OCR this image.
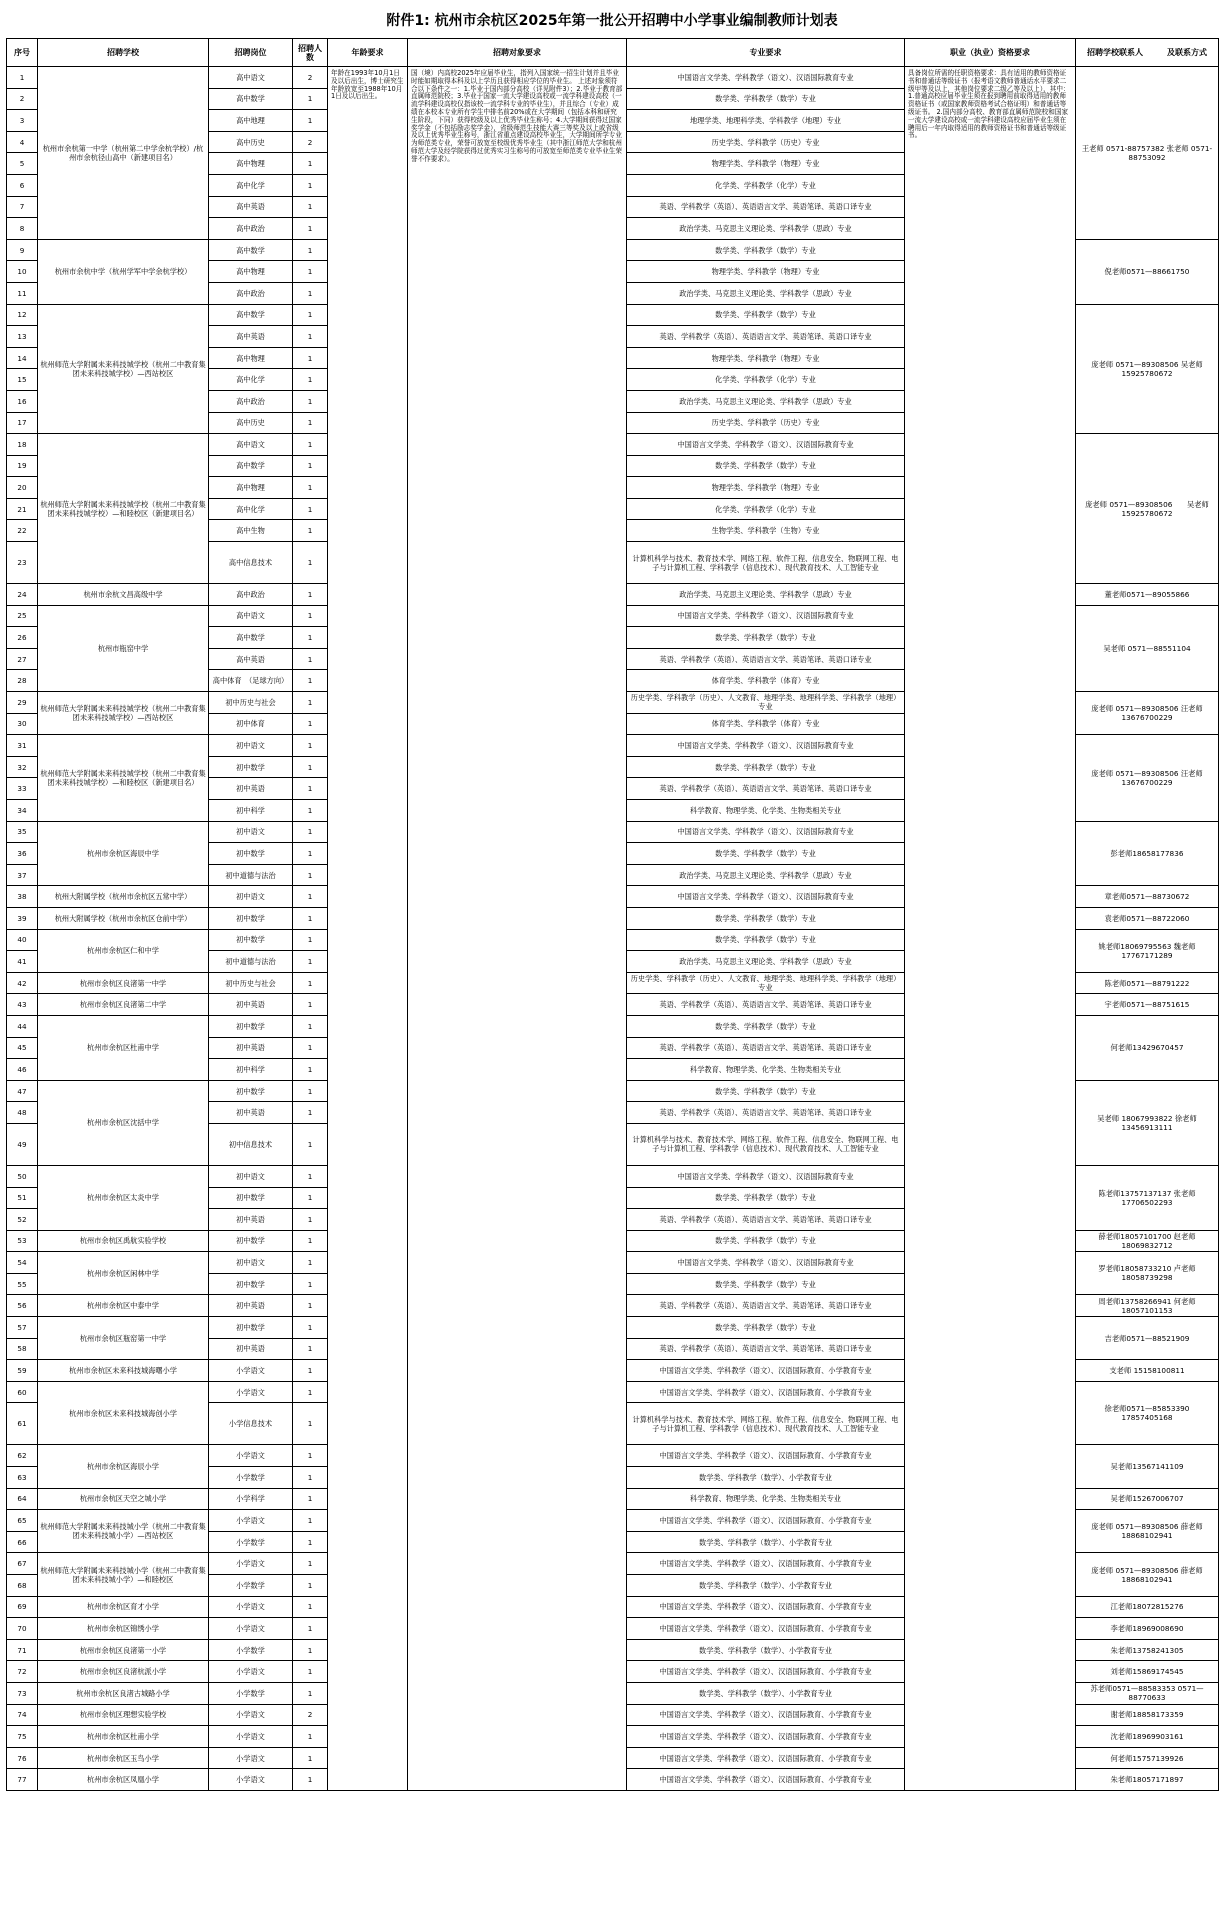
附件1: 杭州市余杭区2025年第一批公开招聘中小学事业编制教师计划表
序号	招聘学校	招聘岗位	招聘人数	年龄要求	招聘对象要求	专业要求	职业（执业）资格要求	招聘学校联系人　　　及联系方式
1	杭州市余杭第一中学（杭州第二中学余杭学校）/杭州市余杭径山高中（新建项目名）	高中语文	2	年龄在1993年10月1日及以后出生，博士研究生年龄放宽至1988年10月1日及以后出生。	国（境）内高校2025年应届毕业生，指列入国家统一招生计划并且毕业时能如期取得本科及以上学历且获得相应学位的毕业生。 上述对象须符合以下条件之一：1.毕业于国内部分高校（详见附件3）；2.毕业于教育部直属师范院校；3.毕业于国家一流大学建设高校或一流学科建设高校（一流学科建设高校仅指该校一流学科专业的毕业生），并且综合（专业）成绩在本校本专业所有学生中排名前20%或在大学期间（包括本科和研究生阶段，下同）获得校级及以上优秀毕业生称号；4.大学期间获得过国家奖学金（不包括励志奖学金），省级师范生技能大赛三等奖及以上或省级及以上优秀毕业生称号，浙江省重点建设高校毕业生，大学期间所学专业为师范类专业，荣誉可放宽至校级优秀毕业生（其中浙江师范大学和杭州师范大学及经学院获得过优秀实习生称号的可放宽至师范类专业毕业生荣誉不作要求）。	中国语言文学类、学科教学（语文）、汉语国际教育专业	具备岗位所需的任职资格要求：具有适用的教师资格证书和普通话等级证书（报考语文教师普通话水平要求二级甲等及以上，其他岗位要求二级乙等及以上），其中： 1.普通高校应届毕业生须在报到聘用前取得适用的教师资格证书（或国家教师资格考试合格证明）和普通话等级证书。 2.国内部分高校、教育部直属师范院校和国家一流大学建设高校或一流学科建设高校应届毕业生须在聘用后一年内取得适用的教师资格证书和普通话等级证书。	王老师 0571-88757382 张老师 0571-88753092
2		高中数学	1			数学类、学科教学（数学）专业		
3		高中地理	1			地理学类、地理科学类、学科教学（地理）专业		
4		高中历史	2			历史学类、学科教学（历史）专业		
5		高中物理	1			物理学类、学科教学（物理）专业		
6		高中化学	1			化学类、学科教学（化学）专业		
7		高中英语	1			英语、学科教学（英语）、英语语言文学、英语笔译、英语口译专业		
8		高中政治	1			政治学类、马克思主义理论类、学科教学（思政）专业		
9	杭州市余杭中学（杭州学军中学余杭学校）	高中数学	1			数学类、学科教学（数学）专业		倪老师0571—88661750
10		高中物理	1			物理学类、学科教学（物理）专业		
11		高中政治	1			政治学类、马克思主义理论类、学科教学（思政）专业		
12	杭州师范大学附属未来科技城学校（杭州二中教育集团未来科技城学校）—西站校区	高中数学	1			数学类、学科教学（数学）专业		庞老师 0571—89308506 吴老师15925780672
13		高中英语	1			英语、学科教学（英语）、英语语言文学、英语笔译、英语口译专业		
14		高中物理	1			物理学类、学科教学（物理）专业		
15		高中化学	1			化学类、学科教学（化学）专业		
16		高中政治	1			政治学类、马克思主义理论类、学科教学（思政）专业		
17		高中历史	1			历史学类、学科教学（历史）专业		
18	杭州师范大学附属未来科技城学校（杭州二中教育集团未来科技城学校）—和睦校区（新建项目名）	高中语文	1			中国语言文学类、学科教学（语文）、汉语国际教育专业		庞老师 0571—89308506　　吴老师15925780672
19		高中数学	1			数学类、学科教学（数学）专业		
20		高中物理	1			物理学类、学科教学（物理）专业		
21		高中化学	1			化学类、学科教学（化学）专业		
22		高中生物	1			生物学类、学科教学（生物）专业		
23		高中信息技术	1			计算机科学与技术、教育技术学、网络工程、软件工程、信息安全、物联网工程、电子与计算机工程、学科教学（信息技术）、现代教育技术、人工智能专业		
24	杭州市余杭文昌高级中学	高中政治	1			政治学类、马克思主义理论类、学科教学（思政）专业		董老师0571—89055866
25	杭州市瓶窑中学	高中语文	1			中国语言文学类、学科教学（语文）、汉语国际教育专业		吴老师 0571—88551104
26		高中数学	1			数学类、学科教学（数学）专业		
27		高中英语	1			英语、学科教学（英语）、英语语言文学、英语笔译、英语口译专业		
28		高中体育　（足球方向）	1			体育学类、学科教学（体育）专业		
29	杭州师范大学附属未来科技城学校（杭州二中教育集团未来科技城学校）—西站校区	初中历史与社会	1			历史学类、学科教学（历史）、人文教育、地理学类、地理科学类、学科教学（地理）专业		庞老师 0571—89308506 汪老师13676700229
30		初中体育	1			体育学类、学科教学（体育）专业		
31	杭州师范大学附属未来科技城学校（杭州二中教育集团未来科技城学校）—和睦校区（新建项目名）	初中语文	1			中国语言文学类、学科教学（语文）、汉语国际教育专业		庞老师 0571—89308506 汪老师13676700229
32		初中数学	1			数学类、学科教学（数学）专业		
33		初中英语	1			英语、学科教学（英语）、英语语言文学、英语笔译、英语口译专业		
34		初中科学	1			科学教育、物理学类、化学类、生物类相关专业		
35	杭州市余杭区海辰中学	初中语文	1			中国语言文学类、学科教学（语文）、汉语国际教育专业		彭老师18658177836
36		初中数学	1			数学类、学科教学（数学）专业		
37		初中道德与法治	1			政治学类、马克思主义理论类、学科教学（思政）专业		
38	杭州大附属学校（杭州市余杭区五常中学）	初中语文	1			中国语言文学类、学科教学（语文）、汉语国际教育专业		章老师0571—88730672
39	杭州大附属学校（杭州市余杭区仓前中学）	初中数学	1			数学类、学科教学（数学）专业		袁老师0571—88722060
40	杭州市余杭区仁和中学	初中数学	1			数学类、学科教学（数学）专业		姚老师18069795563 魏老师17767171289
41		初中道德与法治	1			政治学类、马克思主义理论类、学科教学（思政）专业		
42	杭州市余杭区良渚第一中学	初中历史与社会	1			历史学类、学科教学（历史）、人文教育、地理学类、地理科学类、学科教学（地理）专业		陈老师0571—88791222
43	杭州市余杭区良渚第二中学	初中英语	1			英语、学科教学（英语）、英语语言文学、英语笔译、英语口译专业		宇老师0571—88751615
44	杭州市余杭区杜甫中学	初中数学	1			数学类、学科教学（数学）专业		何老师13429670457
45		初中英语	1			英语、学科教学（英语）、英语语言文学、英语笔译、英语口译专业		
46		初中科学	1			科学教育、物理学类、化学类、生物类相关专业		
47	杭州市余杭区沈括中学	初中数学	1			数学类、学科教学（数学）专业		吴老师 18067993822 徐老师 13456913111
48		初中英语	1			英语、学科教学（英语）、英语语言文学、英语笔译、英语口译专业		
49		初中信息技术	1			计算机科学与技术、教育技术学、网络工程、软件工程、信息安全、物联网工程、电子与计算机工程、学科教学（信息技术）、现代教育技术、人工智能专业		
50	杭州市余杭区太炎中学	初中语文	1			中国语言文学类、学科教学（语文）、汉语国际教育专业		陈老师13757137137 张老师17706502293
51		初中数学	1			数学类、学科教学（数学）专业		
52		初中英语	1			英语、学科教学（英语）、英语语言文学、英语笔译、英语口译专业		
53	杭州市余杭区禹航实验学校	初中数学	1			数学类、学科教学（数学）专业		薛老师18057101700 赵老师18069832712
54	杭州市余杭区闲林中学	初中语文	1			中国语言文学类、学科教学（语文）、汉语国际教育专业		罗老师18058733210 卢老师18058739298
55		初中数学	1			数学类、学科教学（数学）专业		
56	杭州市余杭区中泰中学	初中英语	1			英语、学科教学（英语）、英语语言文学、英语笔译、英语口译专业		周老师13758266941 何老师18057101153
57	杭州市余杭区瓶窑第一中学	初中数学	1			数学类、学科教学（数学）专业		吉老师0571—88521909
58		初中英语	1			英语、学科教学（英语）、英语语言文学、英语笔译、英语口译专业		
59	杭州市余杭区未来科技城海曙小学	小学语文	1			中国语言文学类、学科教学（语文）、汉语国际教育、小学教育专业		支老师 15158100811
60	杭州市余杭区未来科技城海创小学	小学语文	1			中国语言文学类、学科教学（语文）、汉语国际教育、小学教育专业		徐老师0571—85853390 17857405168
61		小学信息技术	1			计算机科学与技术、教育技术学、网络工程、软件工程、信息安全、物联网工程、电子与计算机工程、学科教学（信息技术）、现代教育技术、人工智能专业		
62	杭州市余杭区海辰小学	小学语文	1			中国语言文学类、学科教学（语文）、汉语国际教育、小学教育专业		吴老师13567141109
63		小学数学	1			数学类、学科教学（数学）、小学教育专业		
64	杭州市余杭区天空之城小学	小学科学	1			科学教育、物理学类、化学类、生物类相关专业		吴老师15267006707
65	杭州师范大学附属未来科技城小学（杭州二中教育集团未来科技城小学）—西站校区	小学语文	1			中国语言文学类、学科教学（语文）、汉语国际教育、小学教育专业		庞老师 0571—89308506 薛老师18868102941
66		小学数学	1			数学类、学科教学（数学）、小学教育专业		
67	杭州师范大学附属未来科技城小学（杭州二中教育集团未来科技城小学）—和睦校区	小学语文	1			中国语言文学类、学科教学（语文）、汉语国际教育、小学教育专业		庞老师 0571—89308506 薛老师18868102941
68		小学数学	1			数学类、学科教学（数学）、小学教育专业		
69	杭州市余杭区育才小学	小学语文	1			中国语言文学类、学科教学（语文）、汉语国际教育、小学教育专业		江老师18072815276
70	杭州市余杭区锦绣小学	小学语文	1			中国语言文学类、学科教学（语文）、汉语国际教育、小学教育专业		李老师18969008690
71	杭州市余杭区良渚第一小学	小学数学	1			数学类、学科教学（数学）、小学教育专业		朱老师13758241305
72	杭州市余杭区良渚杭派小学	小学语文	1			中国语言文学类、学科教学（语文）、汉语国际教育、小学教育专业		刘老师15869174545
73	杭州市余杭区良渚古城路小学	小学数学	1			数学类、学科教学（数学）、小学教育专业		苏老师0571—88583353 0571—88770633
74	杭州市余杭区理想实验学校	小学语文	2			中国语言文学类、学科教学（语文）、汉语国际教育、小学教育专业		谢老师18858173359
75	杭州市余杭区杜甫小学	小学语文	1			中国语言文学类、学科教学（语文）、汉语国际教育、小学教育专业		沈老师18969903161
76	杭州市余杭区玉鸟小学	小学语文	1			中国语言文学类、学科教学（语文）、汉语国际教育、小学教育专业		何老师15757139926
77	杭州市余杭区凤凰小学	小学语文	1			中国语言文学类、学科教学（语文）、汉语国际教育、小学教育专业		朱老师18057171897
